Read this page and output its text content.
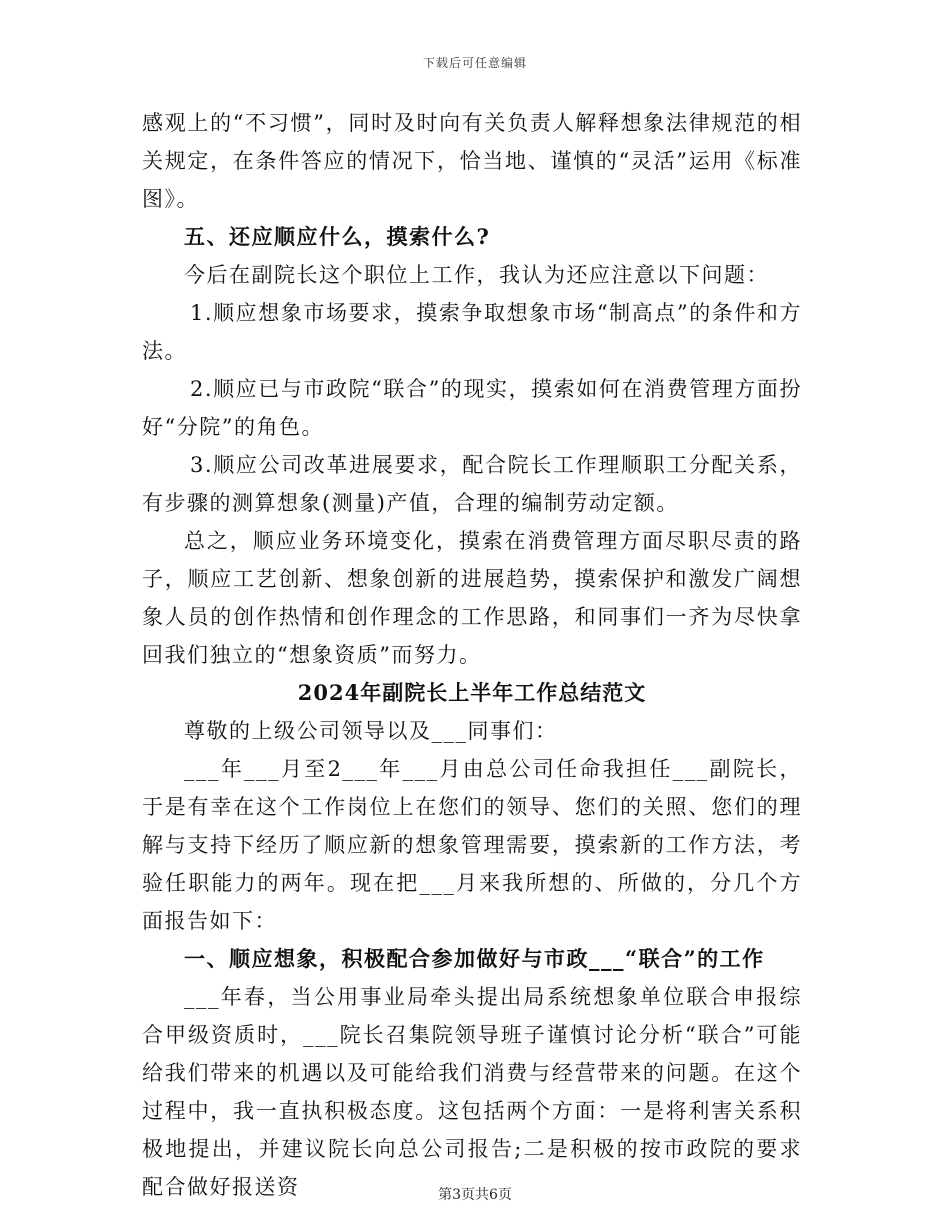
下载后可任意编辑

感观上的“不习惯”，同时及时向有关负责人解释想象法律规范的相关规定，在条件答应的情况下，恰当地、谨慎的“灵活”运用《标准图》。

五、还应顺应什么，摸索什么?

今后在副院长这个职位上工作，我认为还应注意以下问题：

1.顺应想象市场要求，摸索争取想象市场“制高点”的条件和方法。

2.顺应已与市政院“联合”的现实，摸索如何在消费管理方面扮好“分院”的角色。

3.顺应公司改革进展要求，配合院长工作理顺职工分配关系，有步骤的测算想象(测量)产值，合理的编制劳动定额。

总之，顺应业务环境变化，摸索在消费管理方面尽职尽责的路子，顺应工艺创新、想象创新的进展趋势，摸索保护和激发广阔想象人员的创作热情和创作理念的工作思路，和同事们一齐为尽快拿回我们独立的“想象资质”而努力。

2024年副院长上半年工作总结范文

尊敬的上级公司领导以及___同事们：

___年___月至2___年___月由总公司任命我担任___副院长，于是有幸在这个工作岗位上在您们的领导、您们的关照、您们的理解与支持下经历了顺应新的想象管理需要，摸索新的工作方法，考验任职能力的两年。现在把___月来我所想的、所做的，分几个方面报告如下：

一、顺应想象，积极配合参加做好与市政___“联合”的工作

___年春，当公用事业局牵头提出局系统想象单位联合申报综合甲级资质时，___院长召集院领导班子谨慎讨论分析“联合”可能给我们带来的机遇以及可能给我们消费与经营带来的问题。在这个过程中，我一直执积极态度。这包括两个方面：一是将利害关系积极地提出，并建议院长向总公司报告;二是积极的按市政院的要求配合做好报送资	第3页共6页
